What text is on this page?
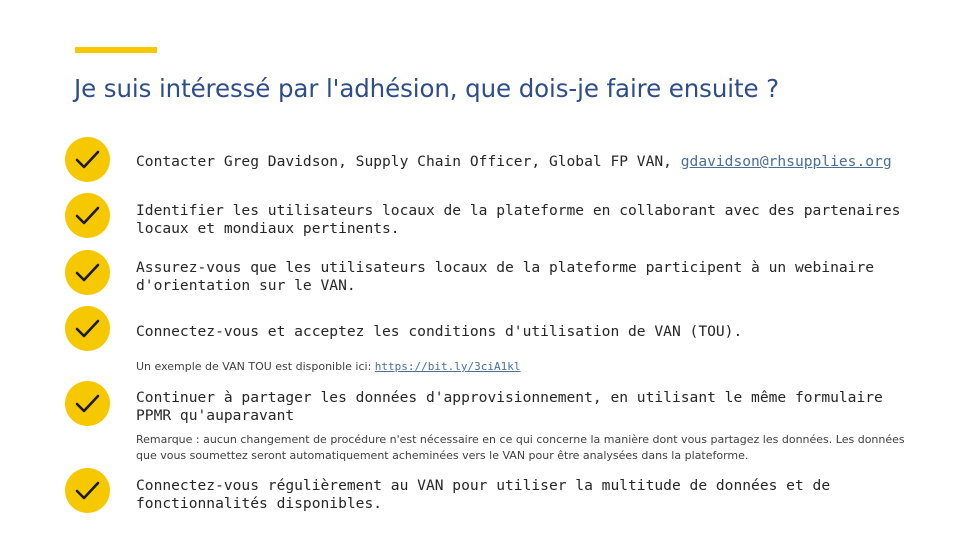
Je suis intéressé par l'adhésion, que dois-je faire ensuite ?
Contacter Greg Davidson, Supply Chain Officer, Global FP VAN, gdavidson@rhsupplies.org
Identifier les utilisateurs locaux de la plateforme en collaborant avec des partenaires locaux et mondiaux pertinents.
Assurez-vous que les utilisateurs locaux de la plateforme participent à un webinaire d'orientation sur le VAN.
Connectez-vous et acceptez les conditions d'utilisation de VAN (TOU).
Un exemple de VAN TOU est disponible ici: https://bit.ly/3ciA1kl
Continuer à partager les données d'approvisionnement, en utilisant le même formulaire PPMR qu'auparavant
Remarque : aucun changement de procédure n'est nécessaire en ce qui concerne la manière dont vous partagez les données. Les données que vous soumettez seront automatiquement acheminées vers le VAN pour être analysées dans la plateforme.
Connectez-vous régulièrement au VAN pour utiliser la multitude de données et de fonctionnalités disponibles.
